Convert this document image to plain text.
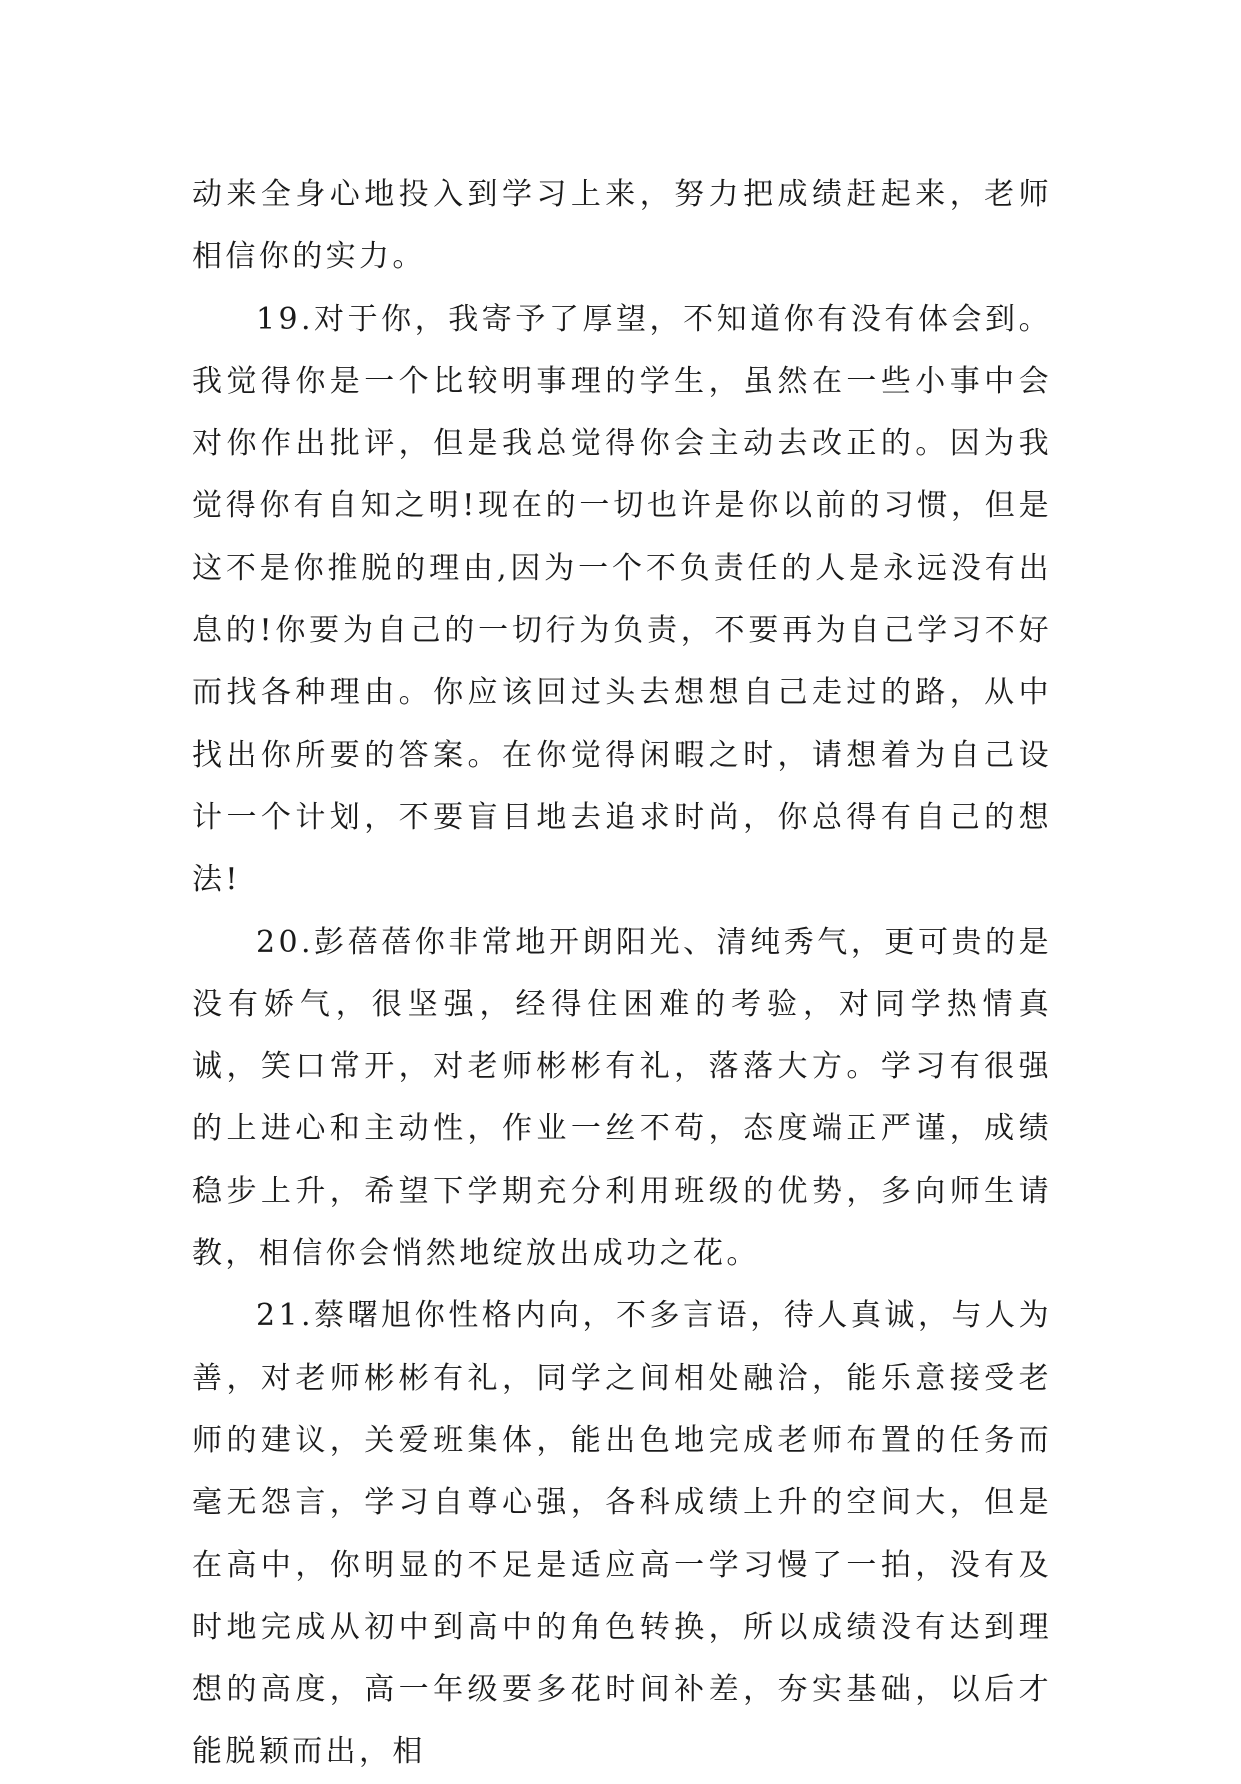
动来全身心地投入到学习上来，努力把成绩赶起来，老师相信你的实力。

19.对于你，我寄予了厚望，不知道你有没有体会到。我觉得你是一个比较明事理的学生，虽然在一些小事中会对你作出批评，但是我总觉得你会主动去改正的。因为我觉得你有自知之明!现在的一切也许是你以前的习惯，但是这不是你推脱的理由,因为一个不负责任的人是永远没有出息的!你要为自己的一切行为负责，不要再为自己学习不好而找各种理由。你应该回过头去想想自己走过的路，从中找出你所要的答案。在你觉得闲暇之时，请想着为自己设计一个计划，不要盲目地去追求时尚，你总得有自己的想法!

20.彭蓓蓓你非常地开朗阳光、清纯秀气，更可贵的是没有娇气，很坚强，经得住困难的考验，对同学热情真诚，笑口常开，对老师彬彬有礼，落落大方。学习有很强的上进心和主动性，作业一丝不苟，态度端正严谨，成绩稳步上升，希望下学期充分利用班级的优势，多向师生请教，相信你会悄然地绽放出成功之花。

21.蔡曙旭你性格内向，不多言语，待人真诚，与人为善，对老师彬彬有礼，同学之间相处融洽，能乐意接受老师的建议，关爱班集体，能出色地完成老师布置的任务而毫无怨言，学习自尊心强，各科成绩上升的空间大，但是在高中，你明显的不足是适应高一学习慢了一拍，没有及时地完成从初中到高中的角色转换，所以成绩没有达到理想的高度，高一年级要多花时间补差，夯实基础，以后才能脱颖而出，相
